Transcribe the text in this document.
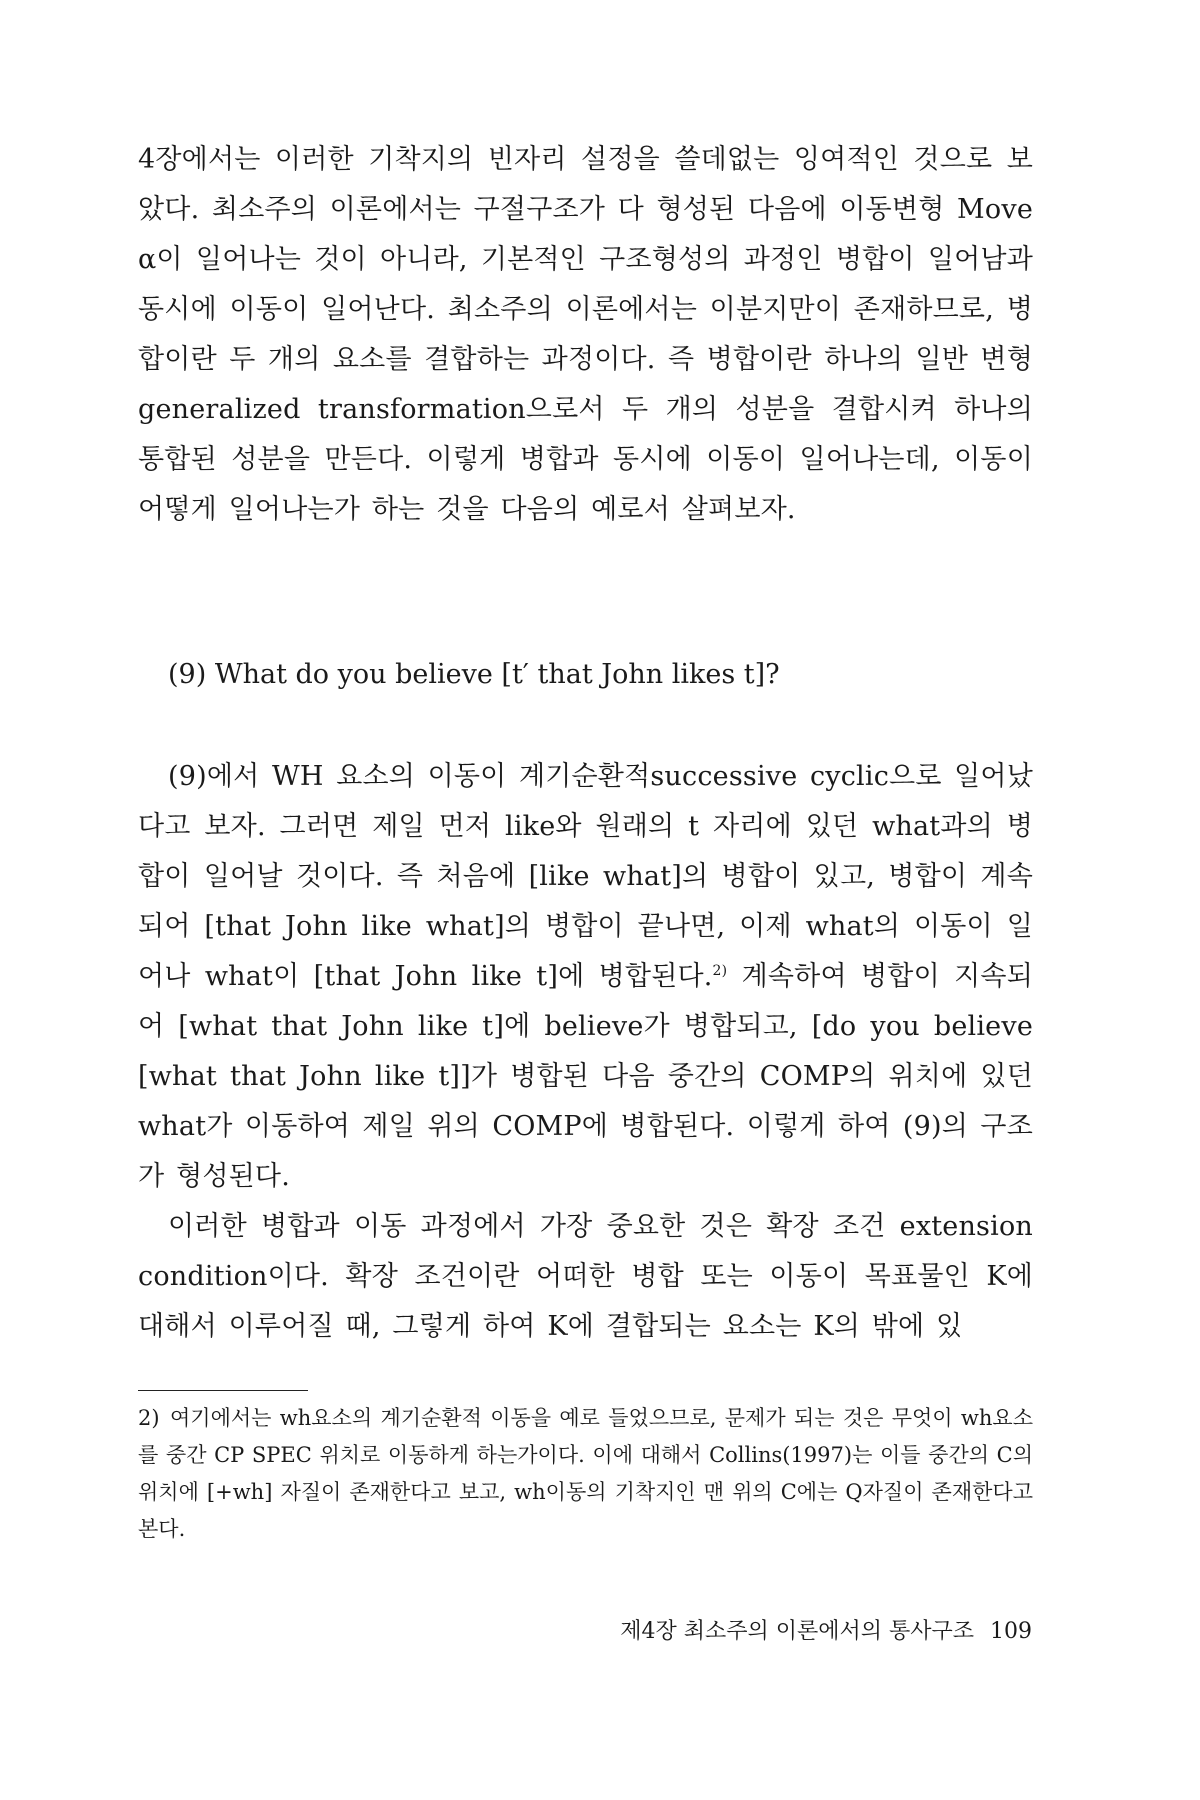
4장에서는 이러한 기착지의 빈자리 설정을 쓸데없는 잉여적인 것으로 보았다. 최소주의 이론에서는 구절구조가 다 형성된 다음에 이동변형 Move α이 일어나는 것이 아니라, 기본적인 구조형성의 과정인 병합이 일어남과 동시에 이동이 일어난다. 최소주의 이론에서는 이분지만이 존재하므로, 병합이란 두 개의 요소를 결합하는 과정이다. 즉 병합이란 하나의 일반 변형 generalized transformation으로서 두 개의 성분을 결합시켜 하나의 통합된 성분을 만든다. 이렇게 병합과 동시에 이동이 일어나는데, 이동이 어떻게 일어나는가 하는 것을 다음의 예로서 살펴보자.

(9) What do you believe [t′ that John likes t]?

(9)에서 WH 요소의 이동이 계기순환적successive cyclic으로 일어났다고 보자. 그러면 제일 먼저 like와 원래의 t 자리에 있던 what과의 병합이 일어날 것이다. 즉 처음에 [like what]의 병합이 있고, 병합이 계속되어 [that John like what]의 병합이 끝나면, 이제 what의 이동이 일어나 what이 [that John like t]에 병합된다.$^{2)}$ 계속하여 병합이 지속되어 [what that John like t]에 believe가 병합되고, [do you believe [what that John like t]]가 병합된 다음 중간의 COMP의 위치에 있던 what가 이동하여 제일 위의 COMP에 병합된다. 이렇게 하여 (9)의 구조가 형성된다.

이러한 병합과 이동 과정에서 가장 중요한 것은 확장 조건 extension condition이다. 확장 조건이란 어떠한 병합 또는 이동이 목표물인 K에 대해서 이루어질 때, 그렇게 하여 K에 결합되는 요소는 K의 밖에 있

2) 여기에서는 wh요소의 계기순환적 이동을 예로 들었으므로, 문제가 되는 것은 무엇이 wh요소를 중간 CP SPEC 위치로 이동하게 하는가이다. 이에 대해서 Collins(1997)는 이들 중간의 C의 위치에 [+wh] 자질이 존재한다고 보고, wh이동의 기착지인 맨 위의 C에는 Q자질이 존재한다고 본다.

제4장 최소주의 이론에서의 통사구조 109
